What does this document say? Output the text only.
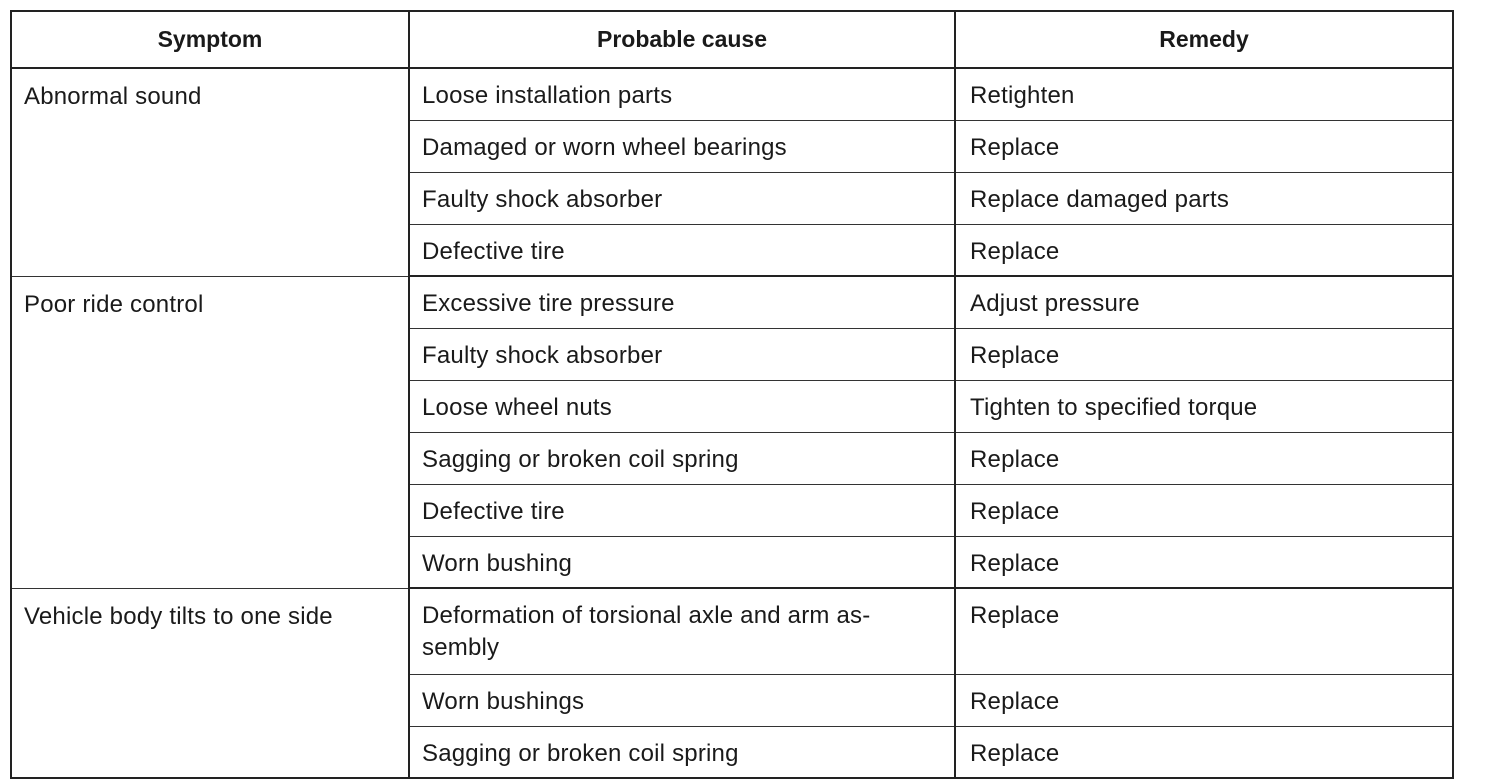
Symptom	Probable cause	Remedy
Abnormal sound	Loose installation parts	Retighten
	Damaged or worn wheel bearings	Replace
	Faulty shock absorber	Replace damaged parts
	Defective tire	Replace
Poor ride control	Excessive tire pressure	Adjust pressure
	Faulty shock absorber	Replace
	Loose wheel nuts	Tighten to specified torque
	Sagging or broken coil spring	Replace
	Defective tire	Replace
	Worn bushing	Replace
Vehicle body tilts to one side	Deformation of torsional axle and arm as-sembly	Replace
	Worn bushings	Replace
	Sagging or broken coil spring	Replace
